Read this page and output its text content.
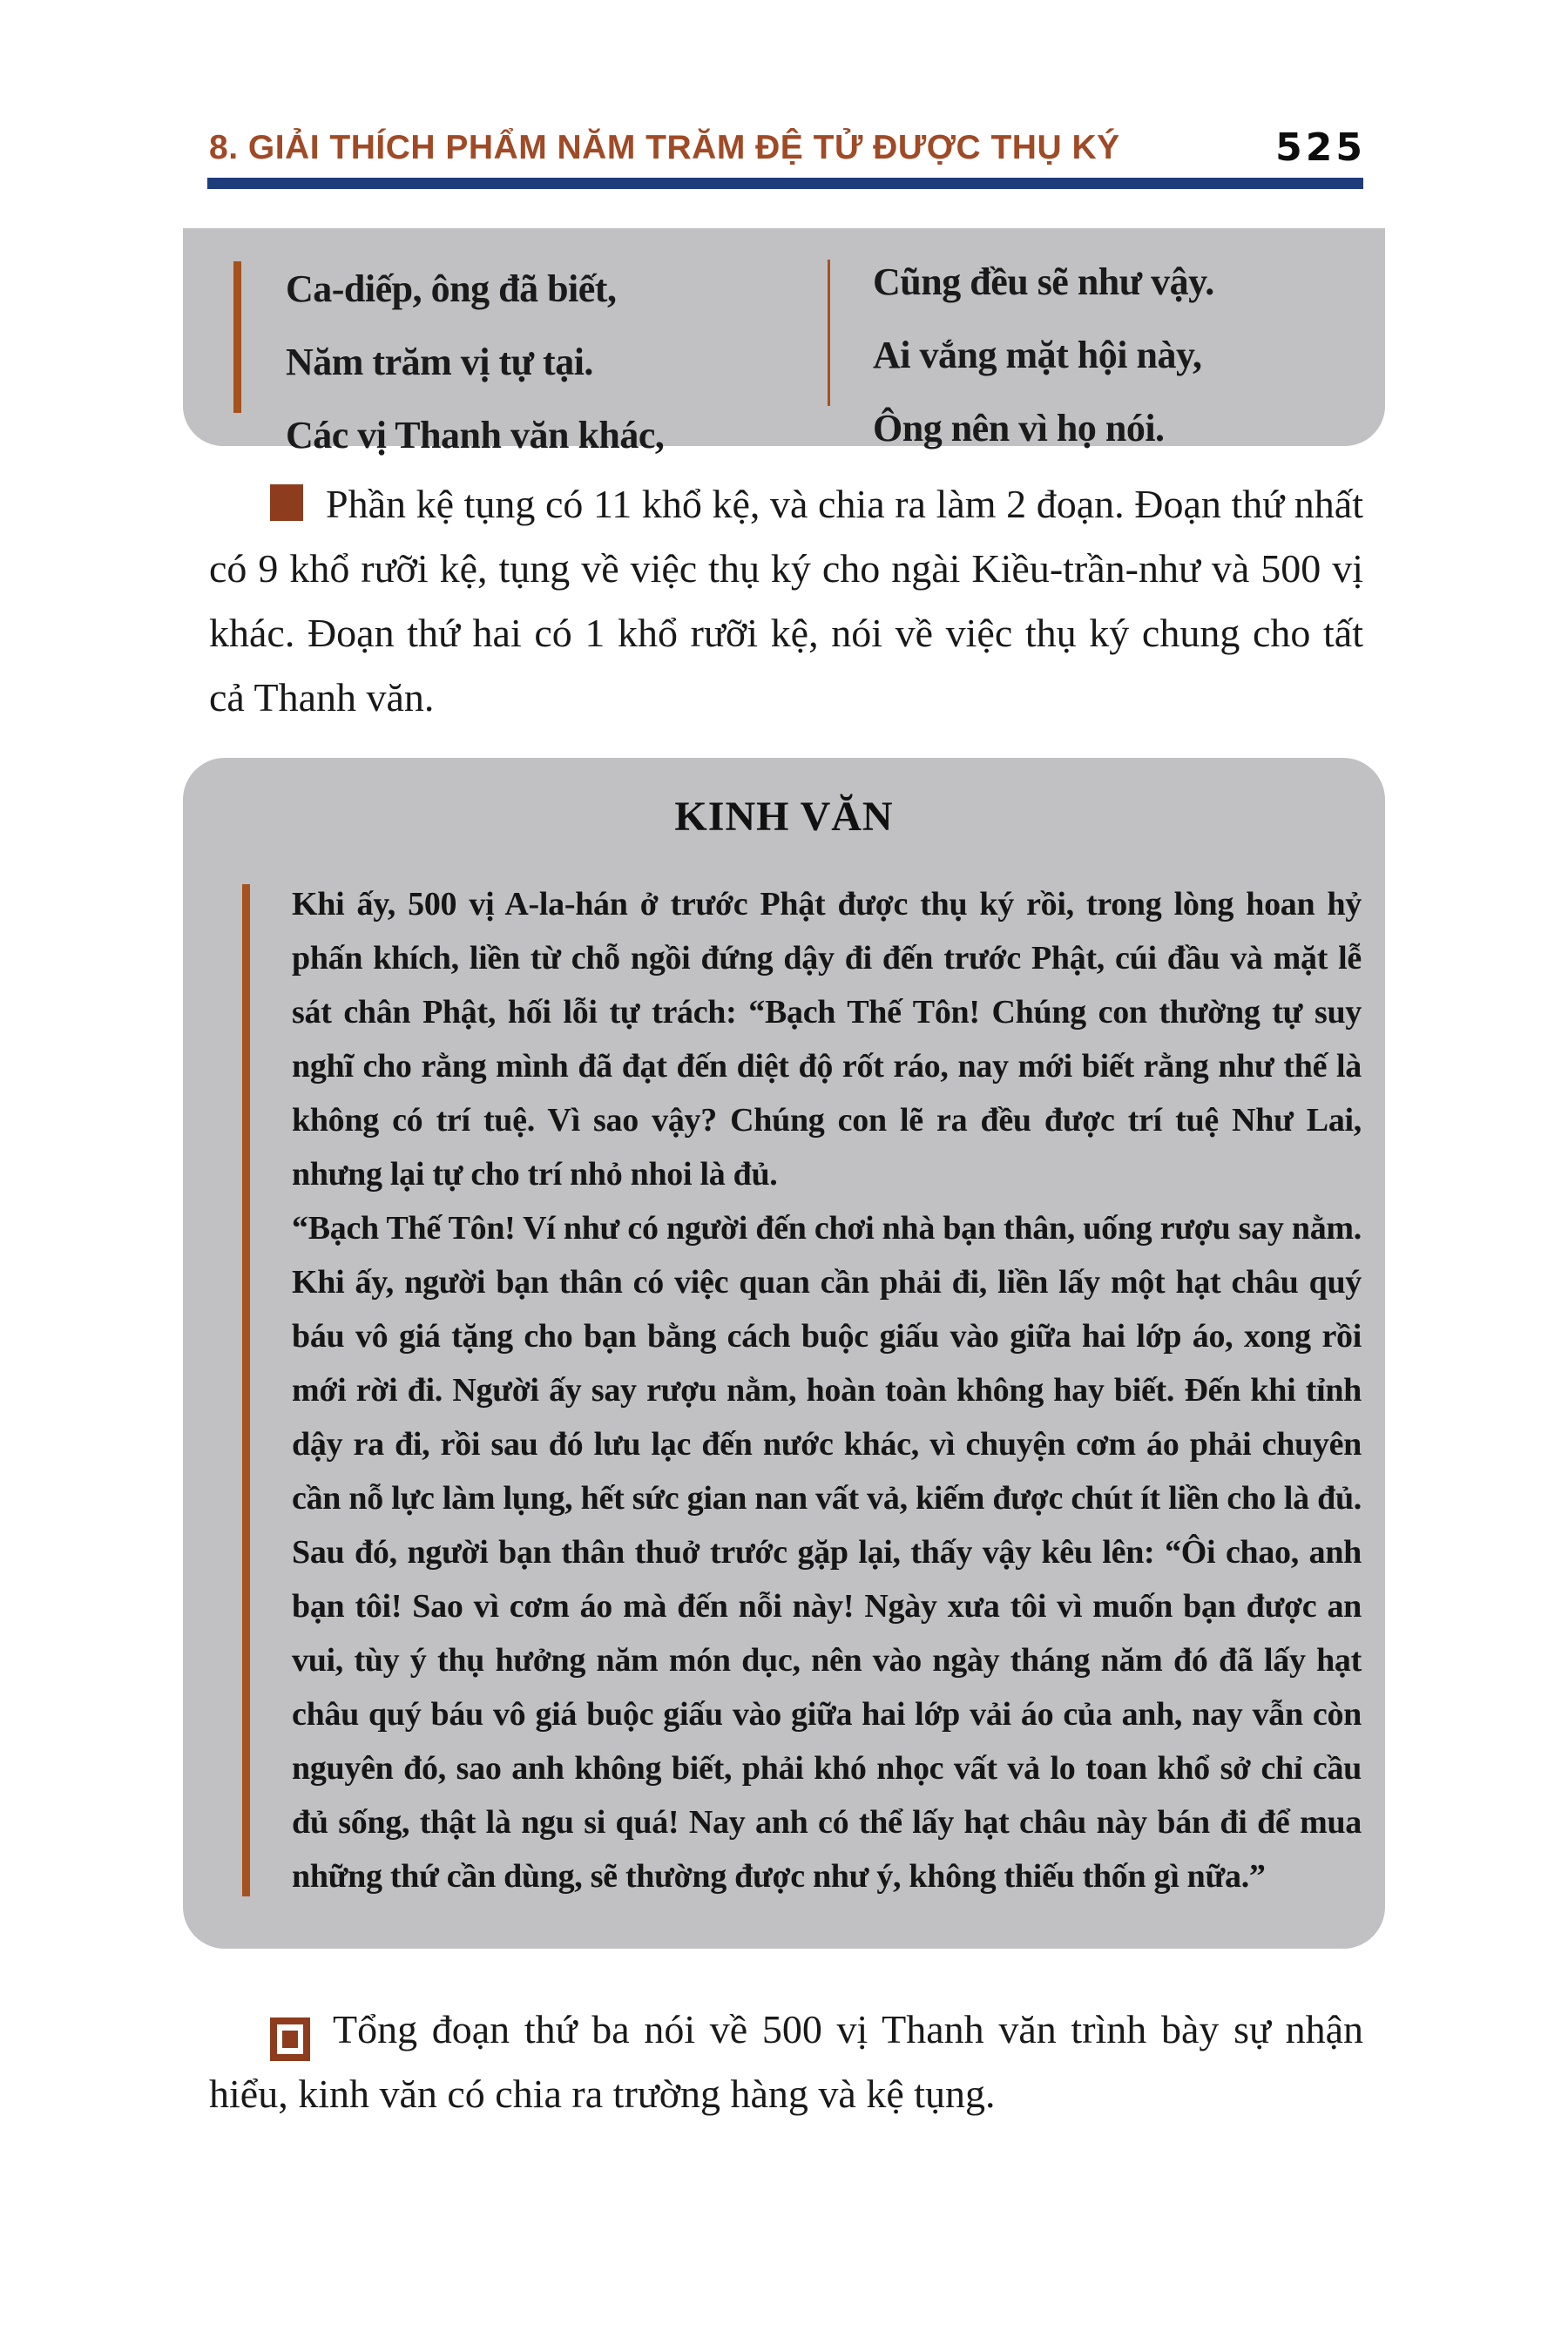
8. GIẢI THÍCH PHẨM NĂM TRĂM ĐỆ TỬ ĐƯỢC THỤ KÝ	525
Ca-diếp, ông đã biết,
Năm trăm vị tự tại.
Các vị Thanh văn khác,
Cũng đều sẽ như vậy.
Ai vắng mặt hội này,
Ông nên vì họ nói.

Phần kệ tụng có 11 khổ kệ, và chia ra làm 2 đoạn. Đoạn thứ nhất có 9 khổ rưỡi kệ, tụng về việc thụ ký cho ngài Kiều-trần-như và 500 vị khác. Đoạn thứ hai có 1 khổ rưỡi kệ, nói về việc thụ ký chung cho tất cả Thanh văn.

KINH VĂN

Khi ấy, 500 vị A-la-hán ở trước Phật được thụ ký rồi, trong lòng hoan hỷ phấn khích, liền từ chỗ ngồi đứng dậy đi đến trước Phật, cúi đầu và mặt lễ sát chân Phật, hối lỗi tự trách: “Bạch Thế Tôn! Chúng con thường tự suy nghĩ cho rằng mình đã đạt đến diệt độ rốt ráo, nay mới biết rằng như thế là không có trí tuệ. Vì sao vậy? Chúng con lẽ ra đều được trí tuệ Như Lai, nhưng lại tự cho trí nhỏ nhoi là đủ.

“Bạch Thế Tôn! Ví như có người đến chơi nhà bạn thân, uống rượu say nằm. Khi ấy, người bạn thân có việc quan cần phải đi, liền lấy một hạt châu quý báu vô giá tặng cho bạn bằng cách buộc giấu vào giữa hai lớp áo, xong rồi mới rời đi. Người ấy say rượu nằm, hoàn toàn không hay biết. Đến khi tỉnh dậy ra đi, rồi sau đó lưu lạc đến nước khác, vì chuyện cơm áo phải chuyên cần nỗ lực làm lụng, hết sức gian nan vất vả, kiếm được chút ít liền cho là đủ. Sau đó, người bạn thân thuở trước gặp lại, thấy vậy kêu lên: “Ôi chao, anh bạn tôi! Sao vì cơm áo mà đến nỗi này! Ngày xưa tôi vì muốn bạn được an vui, tùy ý thụ hưởng năm món dục, nên vào ngày tháng năm đó đã lấy hạt châu quý báu vô giá buộc giấu vào giữa hai lớp vải áo của anh, nay vẫn còn nguyên đó, sao anh không biết, phải khó nhọc vất vả lo toan khổ sở chỉ cầu đủ sống, thật là ngu si quá! Nay anh có thể lấy hạt châu này bán đi để mua những thứ cần dùng, sẽ thường được như ý, không thiếu thốn gì nữa.”

Tổng đoạn thứ ba nói về 500 vị Thanh văn trình bày sự nhận hiểu, kinh văn có chia ra trường hàng và kệ tụng.
